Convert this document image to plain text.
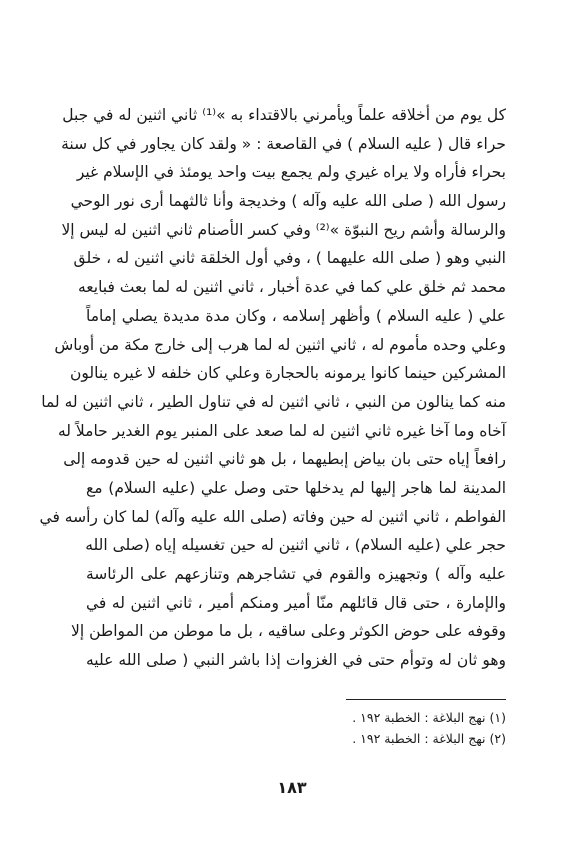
كل يوم من أخلاقه علماً ويأمرني بالاقتداء به »⁽¹⁾ ثاني اثنين له في جبل
حراء قال ( عليه السلام ) في القاصعة : « ولقد كان يجاور في كل سنة
بحراء فأراه ولا يراه غيري ولم يجمع بيت واحد يومئذ في الإسلام غير
رسول الله ( صلى الله عليه وآله ) وخديجة وأنا ثالثهما أرى نور الوحي
والرسالة وأشم ريح النبوّة »⁽²⁾ وفي كسر الأصنام ثاني اثنين له ليس إلا
النبي وهو ( صلى الله عليهما ) ، وفي أول الخلقة ثاني اثنين له ، خلق
محمد ثم خلق علي كما في عدة أخبار ، ثاني اثنين له لما بعث فبايعه
علي ( عليه السلام ) وأظهر إسلامه ، وكان مدة مديدة يصلي إماماً
وعلي وحده مأموم له ، ثاني اثنين له لما هرب إلى خارج مكة من أوباش
المشركين حينما كانوا يرمونه بالحجارة وعلي كان خلفه لا غيره ينالون
منه كما ينالون من النبي ، ثاني اثنين له في تناول الطير ، ثاني اثنين له لما
آخاه وما آخا غيره ثاني اثنين له لما صعد على المنبر يوم الغدير حاملاً له
رافعاً إياه حتى بان بياض إبطيهما ، بل هو ثاني اثنين له حين قدومه إلى
المدينة لما هاجر إليها لم يدخلها حتى وصل علي (عليه السلام) مع
الفواطم ، ثاني اثنين له حين وفاته (صلى الله عليه وآله) لما كان رأسه في
حجر علي (عليه السلام) ، ثاني اثنين له حين تغسيله إياه (صلى الله
عليه وآله ) وتجهيزه والقوم في تشاجرهم وتنازعهم على الرئاسة
والإمارة ، حتى قال قائلهم منّا أمير ومنكم أمير ، ثاني اثنين له في
وقوفه على حوض الكوثر وعلى ساقيه ، بل ما موطن من المواطن إلا
وهو ثان له وتوأم حتى في الغزوات إذا باشر النبي ( صلى الله عليه
(١) نهج البلاغة : الخطبة ١٩٢ .
(٢) نهج البلاغة : الخطبة ١٩٢ .
١٨٣
